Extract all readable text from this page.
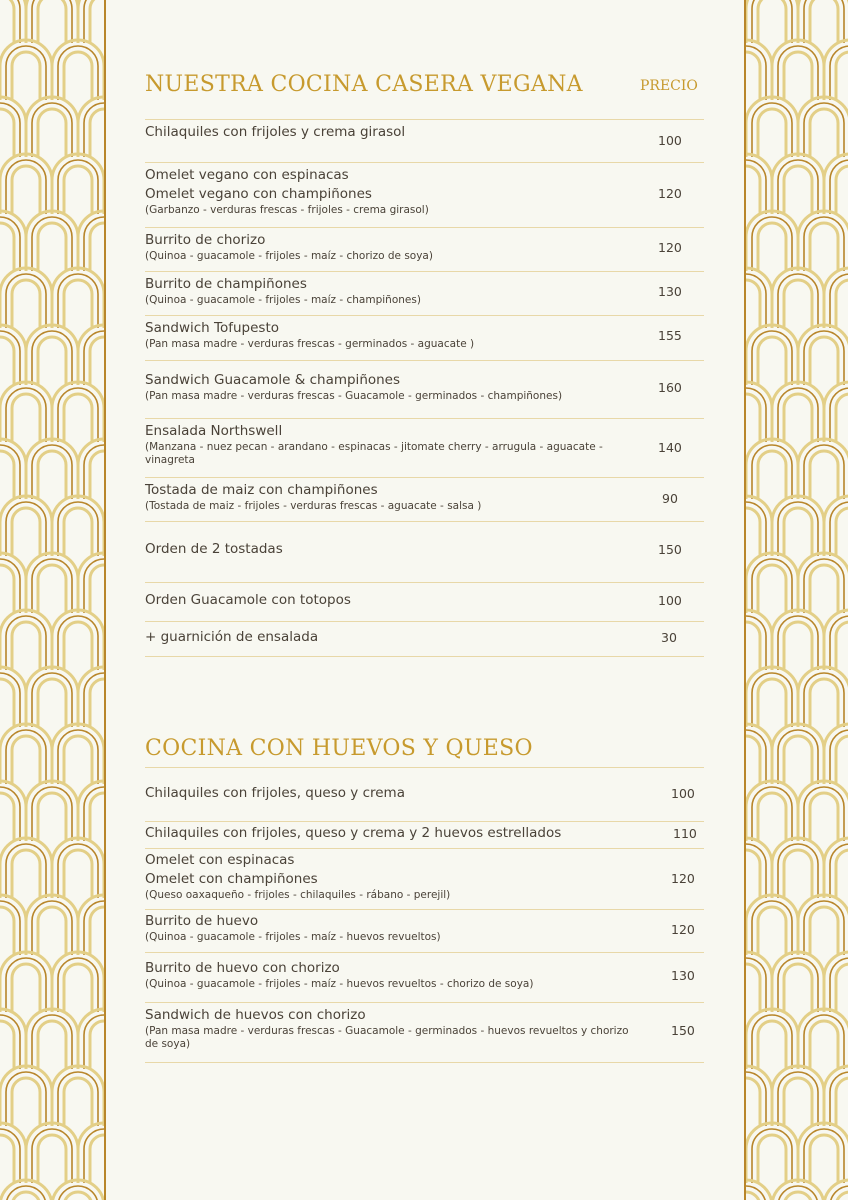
NUESTRA COCINA CASERA VEGANA	PRECIO
Chilaquiles con frijoles y crema girasol
100
Omelet vegano con espinacas
Omelet vegano con champiñones
(Garbanzo - verduras frescas - frijoles - crema girasol)
120
Burrito de chorizo
(Quinoa - guacamole - frijoles - maíz - chorizo de soya)
120
Burrito de champiñones
(Quinoa - guacamole - frijoles - maíz - champiñones)
130
Sandwich Tofupesto
(Pan masa madre - verduras frescas - germinados - aguacate )
155
Sandwich Guacamole & champiñones
(Pan masa madre - verduras frescas - Guacamole - germinados - champiñones)
160
Ensalada Northswell
(Manzana - nuez pecan - arandano - espinacas - jitomate cherry - arrugula - aguacate - vinagreta
140
Tostada de maiz con champiñones
(Tostada de maiz - frijoles - verduras frescas - aguacate - salsa )	90
Orden de 2 tostadas	150
Orden Guacamole con totopos	100
+ guarnición de ensalada	30
COCINA CON HUEVOS Y QUESO
Chilaquiles con frijoles, queso y crema	100
Chilaquiles con frijoles, queso y crema y 2 huevos estrellados	110
Omelet con espinacas
Omelet con champiñones
(Queso oaxaqueño - frijoles - chilaquiles - rábano - perejil)
120
Burrito de huevo
(Quinoa - guacamole - frijoles - maíz - huevos revueltos)	120
Burrito de huevo con chorizo
(Quinoa - guacamole - frijoles - maíz - huevos revueltos - chorizo de soya)
130
Sandwich de huevos con chorizo
(Pan masa madre - verduras frescas - Guacamole - germinados - huevos revueltos y chorizo de soya)
150
